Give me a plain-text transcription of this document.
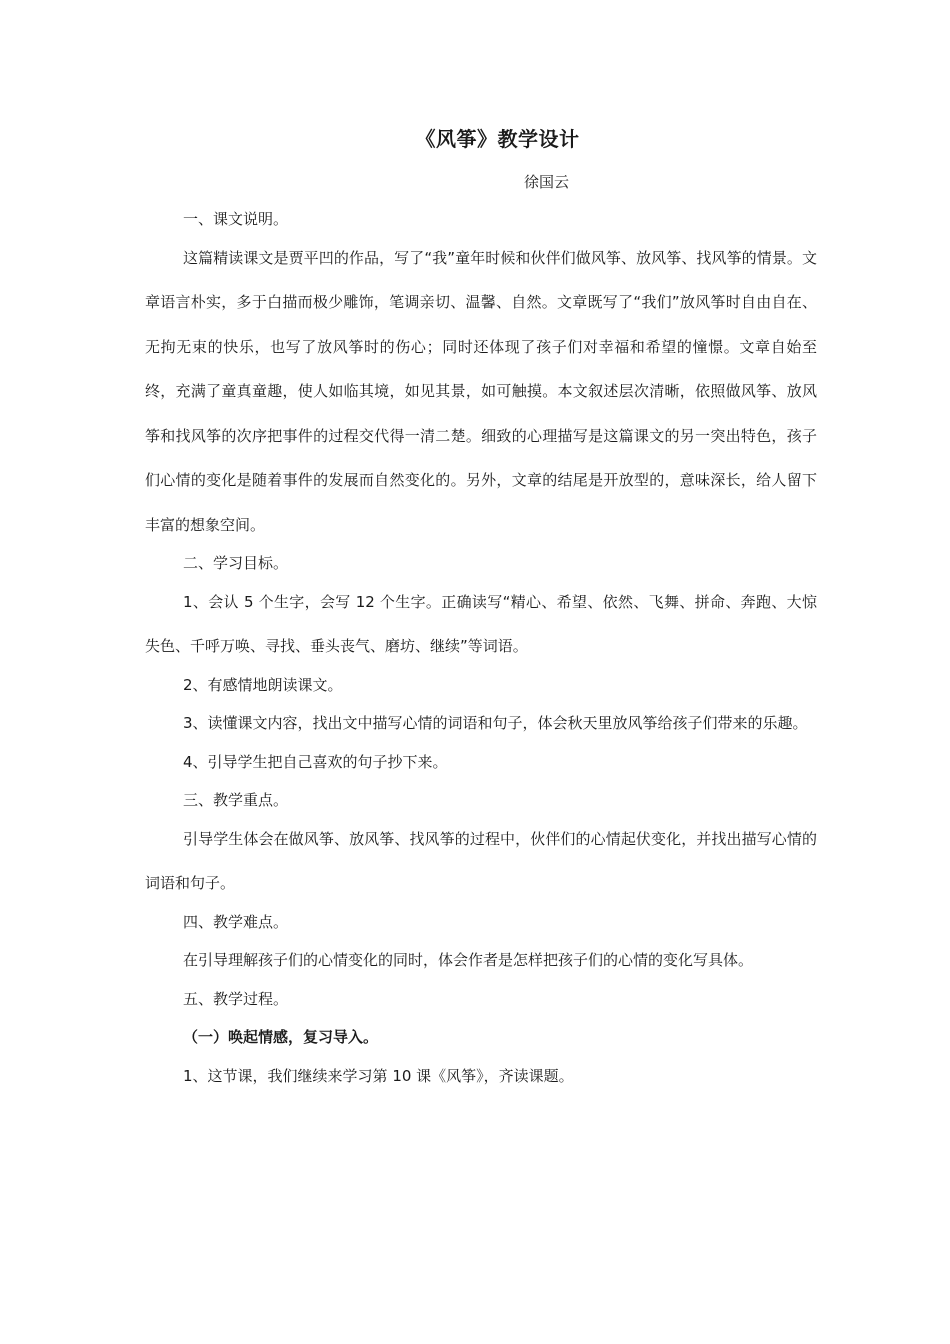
《风筝》教学设计
徐国云

一、课文说明。

这篇精读课文是贾平凹的作品，写了“我”童年时候和伙伴们做风筝、放风筝、找风筝的情景。文章语言朴实，多于白描而极少雕饰，笔调亲切、温馨、自然。文章既写了“我们”放风筝时自由自在、无拘无束的快乐，也写了放风筝时的伤心；同时还体现了孩子们对幸福和希望的憧憬。文章自始至终，充满了童真童趣，使人如临其境，如见其景，如可触摸。本文叙述层次清晰，依照做风筝、放风筝和找风筝的次序把事件的过程交代得一清二楚。细致的心理描写是这篇课文的另一突出特色，孩子们心情的变化是随着事件的发展而自然变化的。另外，文章的结尾是开放型的，意味深长，给人留下丰富的想象空间。

二、学习目标。

1、会认 5 个生字，会写 12 个生字。正确读写“精心、希望、依然、飞舞、拼命、奔跑、大惊失色、千呼万唤、寻找、垂头丧气、磨坊、继续”等词语。

2、有感情地朗读课文。

3、读懂课文内容，找出文中描写心情的词语和句子，体会秋天里放风筝给孩子们带来的乐趣。

4、引导学生把自己喜欢的句子抄下来。

三、教学重点。

引导学生体会在做风筝、放风筝、找风筝的过程中，伙伴们的心情起伏变化，并找出描写心情的词语和句子。

四、教学难点。

在引导理解孩子们的心情变化的同时，体会作者是怎样把孩子们的心情的变化写具体。

五、教学过程。

（一）唤起情感，复习导入。

1、这节课，我们继续来学习第 10 课《风筝》，齐读课题。
